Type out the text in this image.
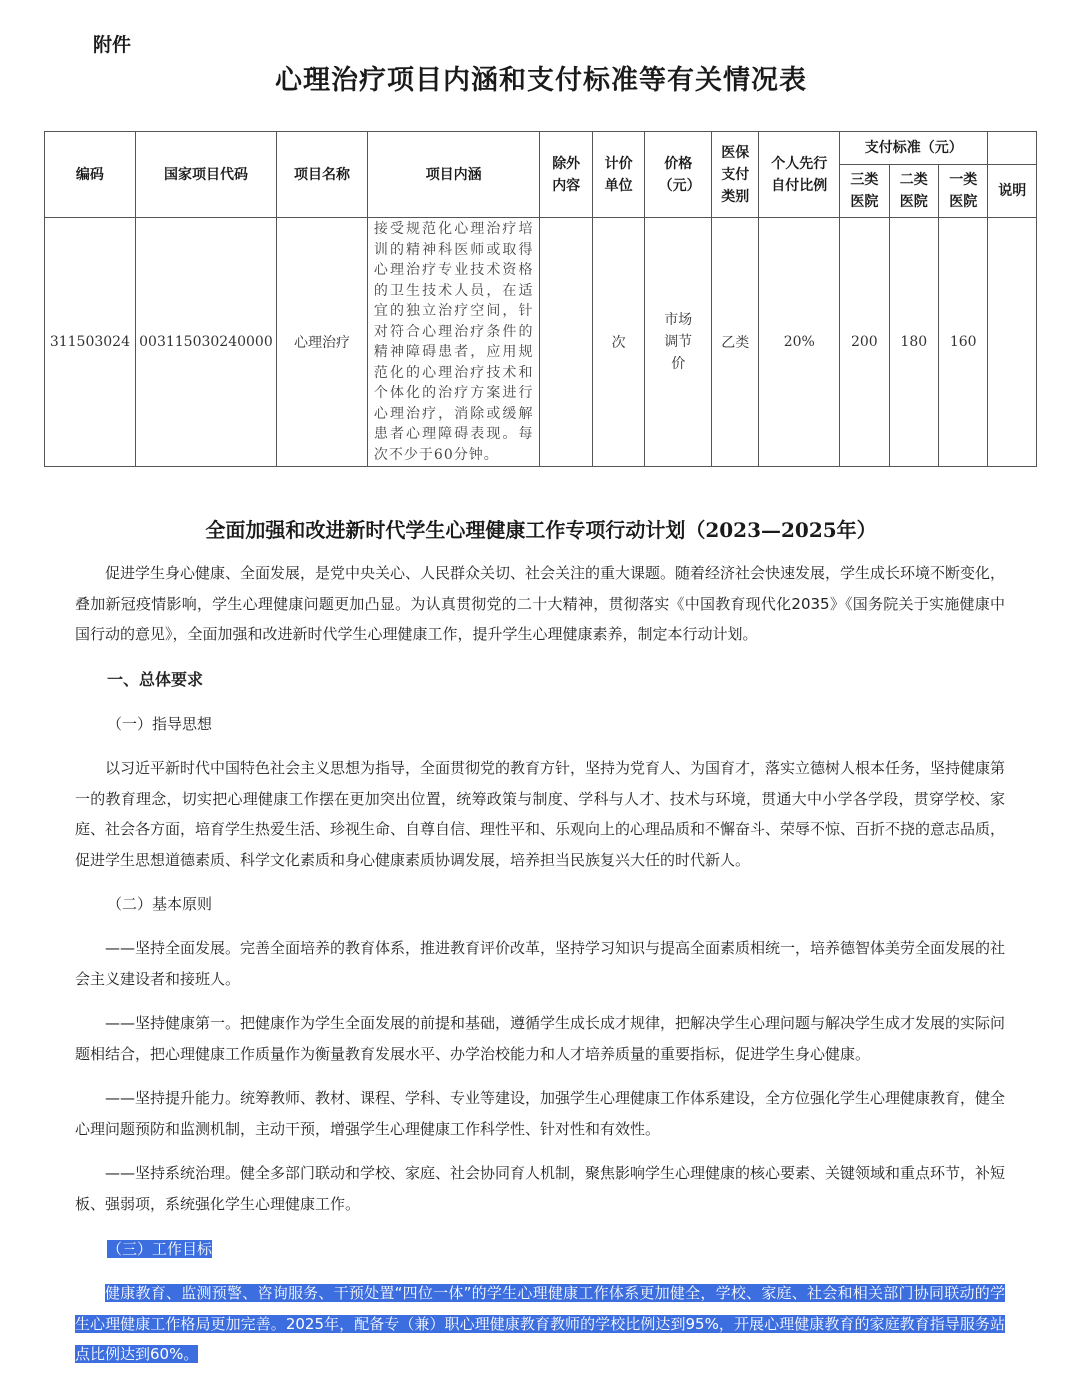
附件
心理治疗项目内涵和支付标准等有关情况表
编码	国家项目代码	项目名称	项目内涵	除外内容	计价单位	价格（元）	医保支付类别	个人先行自付比例	支付标准（元）			

									三类医院	二类医院	一类医院	说明
311503024	003115030240000	心理治疗	接受规范化心理治疗培训的精神科医师或取得心理治疗专业技术资格的卫生技术人员，在适宜的独立治疗空间，针对符合心理治疗条件的精神障碍患者，应用规范化的心理治疗技术和个体化的治疗方案进行心理治疗，消除或缓解患者心理障碍表现。每次不少于60分钟。		次	市场调节价	乙类	20%	200	180	160	
全面加强和改进新时代学生心理健康工作专项行动计划（2023—2025年）
促进学生身心健康、全面发展，是党中央关心、人民群众关切、社会关注的重大课题。随着经济社会快速发展，学生成长环境不断变化，叠加新冠疫情影响，学生心理健康问题更加凸显。为认真贯彻党的二十大精神，贯彻落实《中国教育现代化2035》《国务院关于实施健康中国行动的意见》，全面加强和改进新时代学生心理健康工作，提升学生心理健康素养，制定本行动计划。
一、总体要求
（一）指导思想
以习近平新时代中国特色社会主义思想为指导，全面贯彻党的教育方针，坚持为党育人、为国育才，落实立德树人根本任务，坚持健康第一的教育理念，切实把心理健康工作摆在更加突出位置，统筹政策与制度、学科与人才、技术与环境，贯通大中小学各学段，贯穿学校、家庭、社会各方面，培育学生热爱生活、珍视生命、自尊自信、理性平和、乐观向上的心理品质和不懈奋斗、荣辱不惊、百折不挠的意志品质，促进学生思想道德素质、科学文化素质和身心健康素质协调发展，培养担当民族复兴大任的时代新人。
（二）基本原则
——坚持全面发展。完善全面培养的教育体系，推进教育评价改革，坚持学习知识与提高全面素质相统一，培养德智体美劳全面发展的社会主义建设者和接班人。
——坚持健康第一。把健康作为学生全面发展的前提和基础，遵循学生成长成才规律，把解决学生心理问题与解决学生成才发展的实际问题相结合，把心理健康工作质量作为衡量教育发展水平、办学治校能力和人才培养质量的重要指标，促进学生身心健康。
——坚持提升能力。统筹教师、教材、课程、学科、专业等建设，加强学生心理健康工作体系建设，全方位强化学生心理健康教育，健全心理问题预防和监测机制，主动干预，增强学生心理健康工作科学性、针对性和有效性。
——坚持系统治理。健全多部门联动和学校、家庭、社会协同育人机制，聚焦影响学生心理健康的核心要素、关键领域和重点环节，补短板、强弱项，系统强化学生心理健康工作。
（三）工作目标
健康教育、监测预警、咨询服务、干预处置“四位一体”的学生心理健康工作体系更加健全，学校、家庭、社会和相关部门协同联动的学生心理健康工作格局更加完善。2025年，配备专（兼）职心理健康教育教师的学校比例达到95%，开展心理健康教育的家庭教育指导服务站点比例达到60%。
